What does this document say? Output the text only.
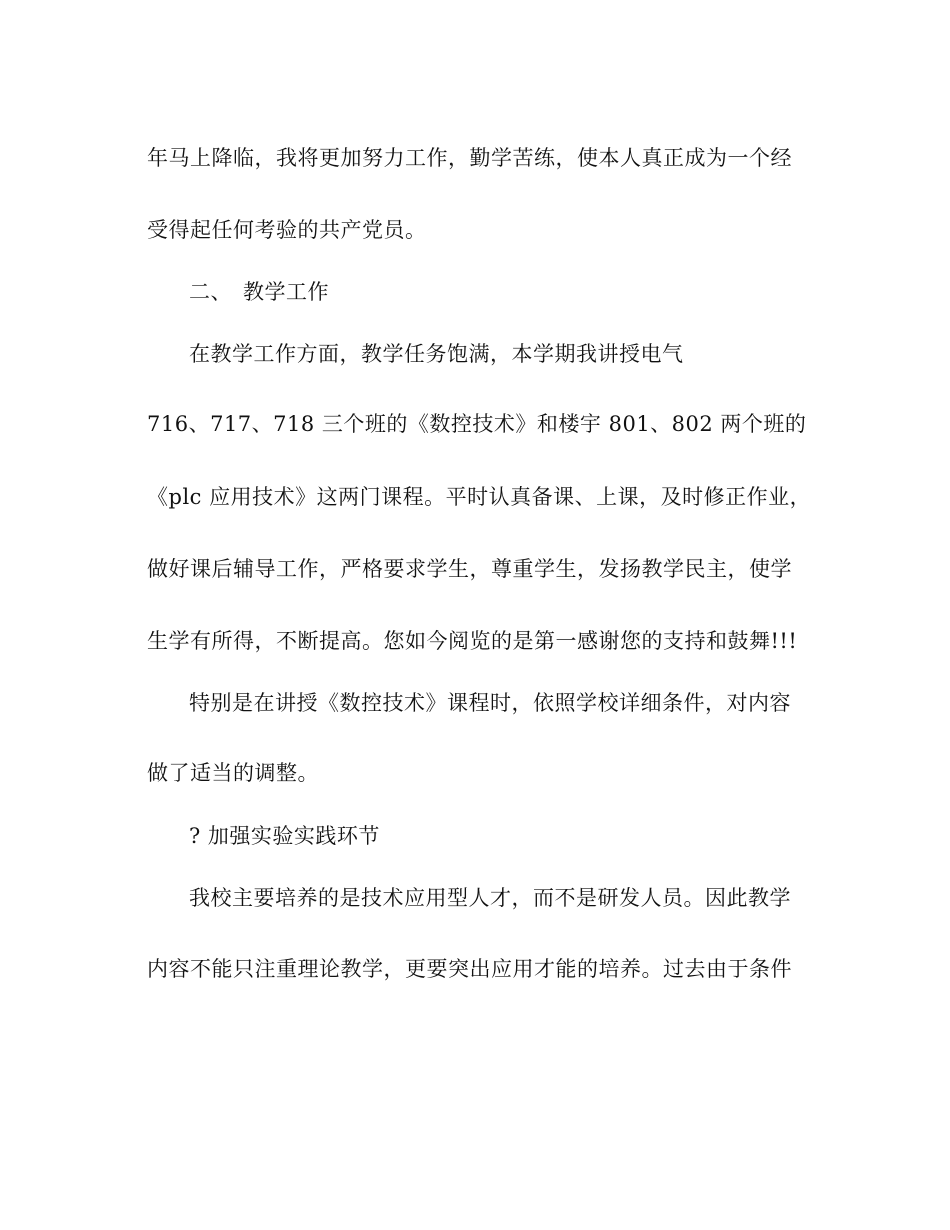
年马上降临，我将更加努力工作，勤学苦练，使本人真正成为一个经
受得起任何考验的共产党员。
二、　教学工作
在教学工作方面，教学任务饱满，本学期我讲授电气
716、717、718 三个班的《数控技术》和楼宇 801、802 两个班的
《plc 应用技术》这两门课程。平时认真备课、上课，及时修正作业，
做好课后辅导工作，严格要求学生，尊重学生，发扬教学民主，使学
生学有所得，不断提高。您如今阅览的是第一感谢您的支持和鼓舞!!!
特别是在讲授《数控技术》课程时，依照学校详细条件，对内容
做了适当的调整。
? 加强实验实践环节
我校主要培养的是技术应用型人才，而不是研发人员。因此教学
内容不能只注重理论教学，更要突出应用才能的培养。过去由于条件
